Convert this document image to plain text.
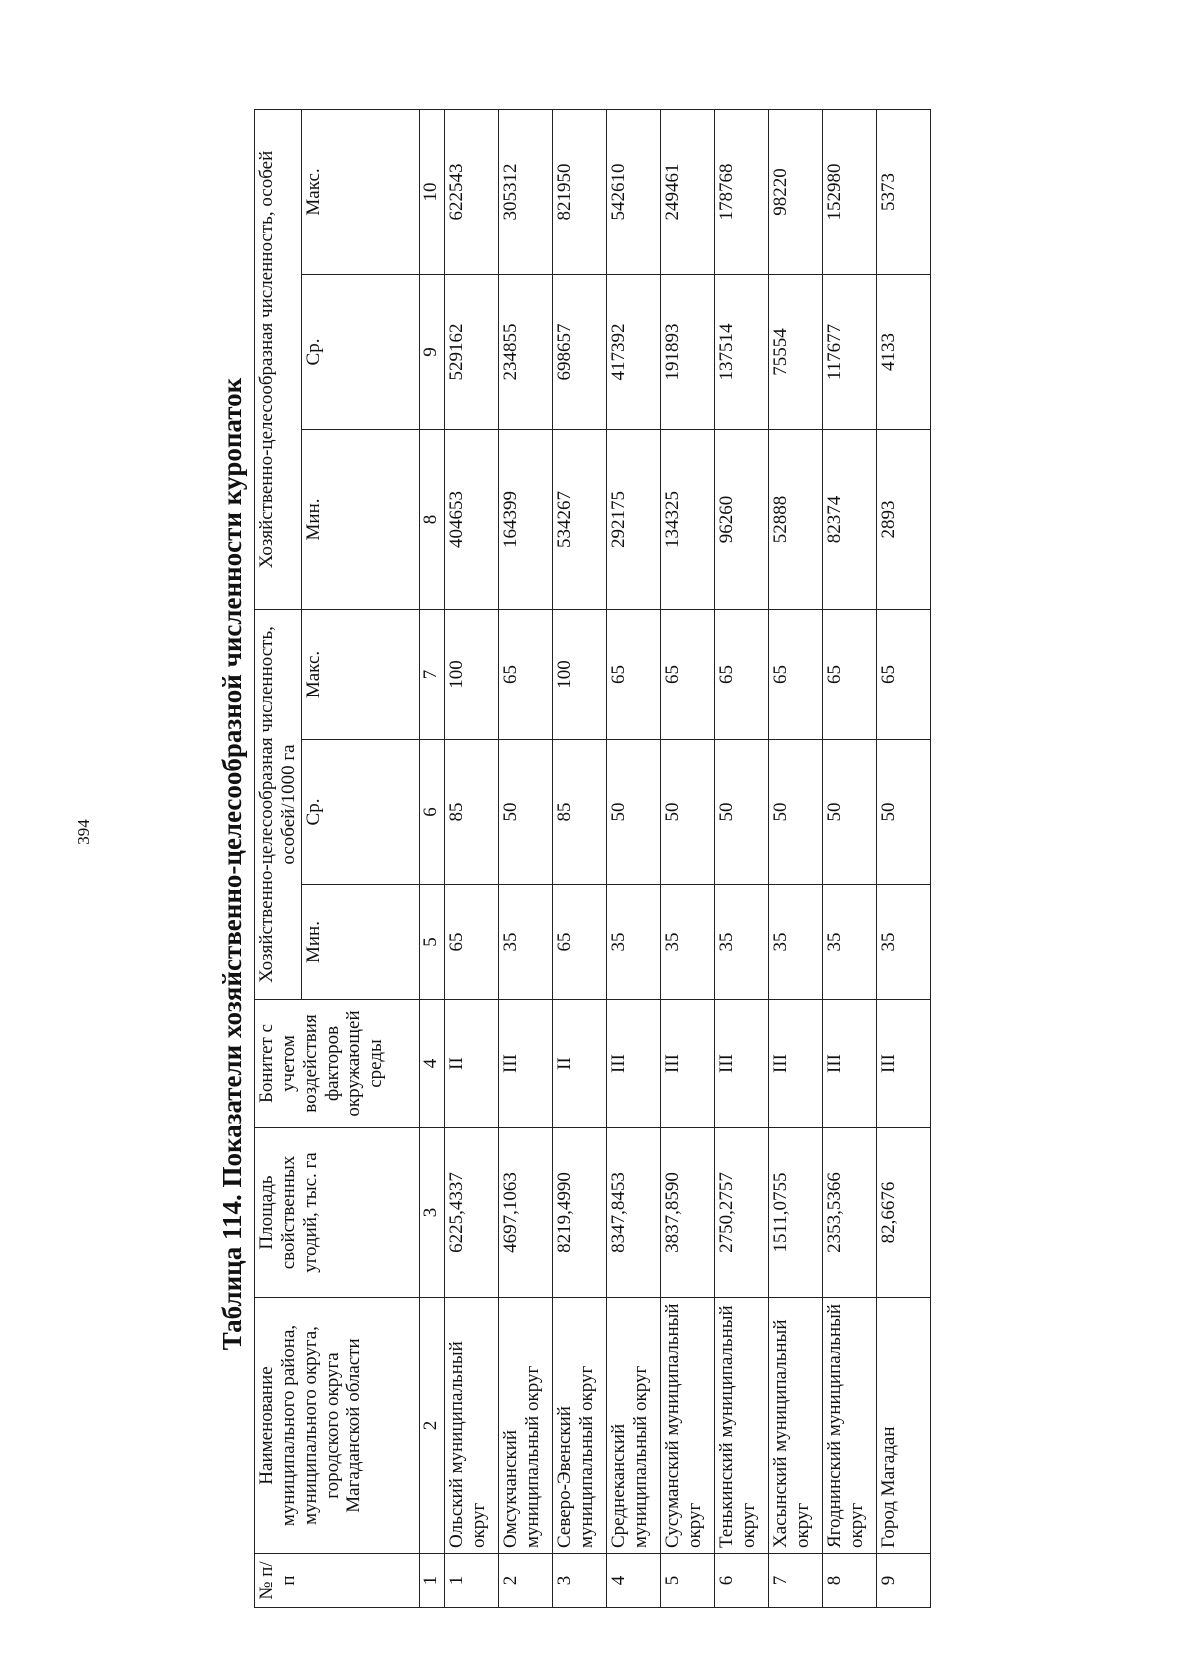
394	Таблица 114. Показатели хозяйственно-целесообразной численности куропаток
№ п/п	Наименование муниципального района, муниципального округа, городского округа Магаданской области	Площадь свойственных угодий, тыс. га	Бонитет с учетом воздействия факторов окружающей среды	Хозяйственно-целесообразная численность, особей/1000 га			Хозяйственно-целесообразная численность, особей		
				Мин.	Ср.	Макс.	Мин.	Ср.	Макс.
1	2	3	4	5	6	7	8	9	10
1	Ольский муниципальный округ	6225,4337	II	65	85	100	404653	529162	622543
2	Омсукчанский муниципальный округ	4697,1063	III	35	50	65	164399	234855	305312
3	Северо-Эвенский муниципальный округ	8219,4990	II	65	85	100	534267	698657	821950
4	Среднеканский муниципальный округ	8347,8453	III	35	50	65	292175	417392	542610
5	Сусуманский муниципальный округ	3837,8590	III	35	50	65	134325	191893	249461
6	Тенькинский муниципальный округ	2750,2757	III	35	50	65	96260	137514	178768
7	Хасынский муниципальный округ	1511,0755	III	35	50	65	52888	75554	98220
8	Ягоднинский муниципальный округ	2353,5366	III	35	50	65	82374	117677	152980
9	Город Магадан	82,6676	III	35	50	65	2893	4133	5373
